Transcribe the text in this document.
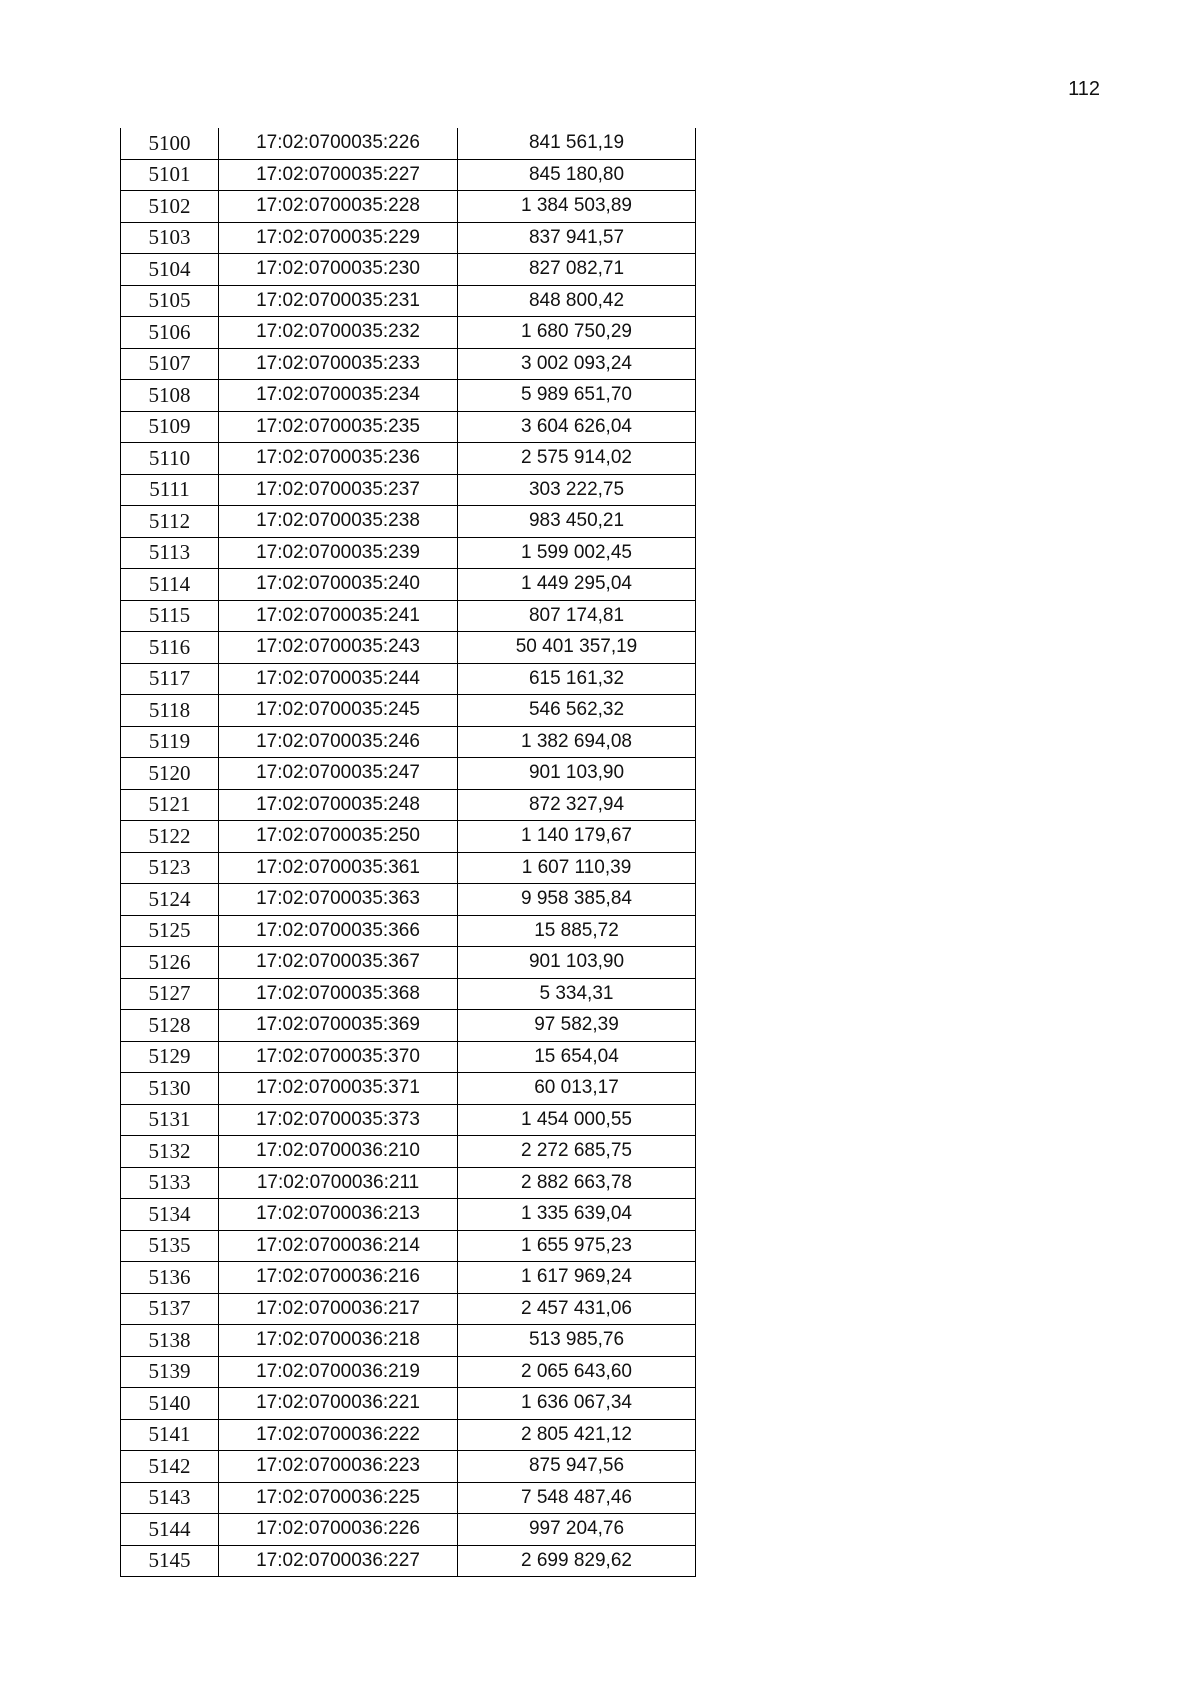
112
5100	17:02:0700035:226	841 561,19
5101	17:02:0700035:227	845 180,80
5102	17:02:0700035:228	1 384 503,89
5103	17:02:0700035:229	837 941,57
5104	17:02:0700035:230	827 082,71
5105	17:02:0700035:231	848 800,42
5106	17:02:0700035:232	1 680 750,29
5107	17:02:0700035:233	3 002 093,24
5108	17:02:0700035:234	5 989 651,70
5109	17:02:0700035:235	3 604 626,04
5110	17:02:0700035:236	2 575 914,02
5111	17:02:0700035:237	303 222,75
5112	17:02:0700035:238	983 450,21
5113	17:02:0700035:239	1 599 002,45
5114	17:02:0700035:240	1 449 295,04
5115	17:02:0700035:241	807 174,81
5116	17:02:0700035:243	50 401 357,19
5117	17:02:0700035:244	615 161,32
5118	17:02:0700035:245	546 562,32
5119	17:02:0700035:246	1 382 694,08
5120	17:02:0700035:247	901 103,90
5121	17:02:0700035:248	872 327,94
5122	17:02:0700035:250	1 140 179,67
5123	17:02:0700035:361	1 607 110,39
5124	17:02:0700035:363	9 958 385,84
5125	17:02:0700035:366	15 885,72
5126	17:02:0700035:367	901 103,90
5127	17:02:0700035:368	5 334,31
5128	17:02:0700035:369	97 582,39
5129	17:02:0700035:370	15 654,04
5130	17:02:0700035:371	60 013,17
5131	17:02:0700035:373	1 454 000,55
5132	17:02:0700036:210	2 272 685,75
5133	17:02:0700036:211	2 882 663,78
5134	17:02:0700036:213	1 335 639,04
5135	17:02:0700036:214	1 655 975,23
5136	17:02:0700036:216	1 617 969,24
5137	17:02:0700036:217	2 457 431,06
5138	17:02:0700036:218	513 985,76
5139	17:02:0700036:219	2 065 643,60
5140	17:02:0700036:221	1 636 067,34
5141	17:02:0700036:222	2 805 421,12
5142	17:02:0700036:223	875 947,56
5143	17:02:0700036:225	7 548 487,46
5144	17:02:0700036:226	997 204,76
5145	17:02:0700036:227	2 699 829,62
